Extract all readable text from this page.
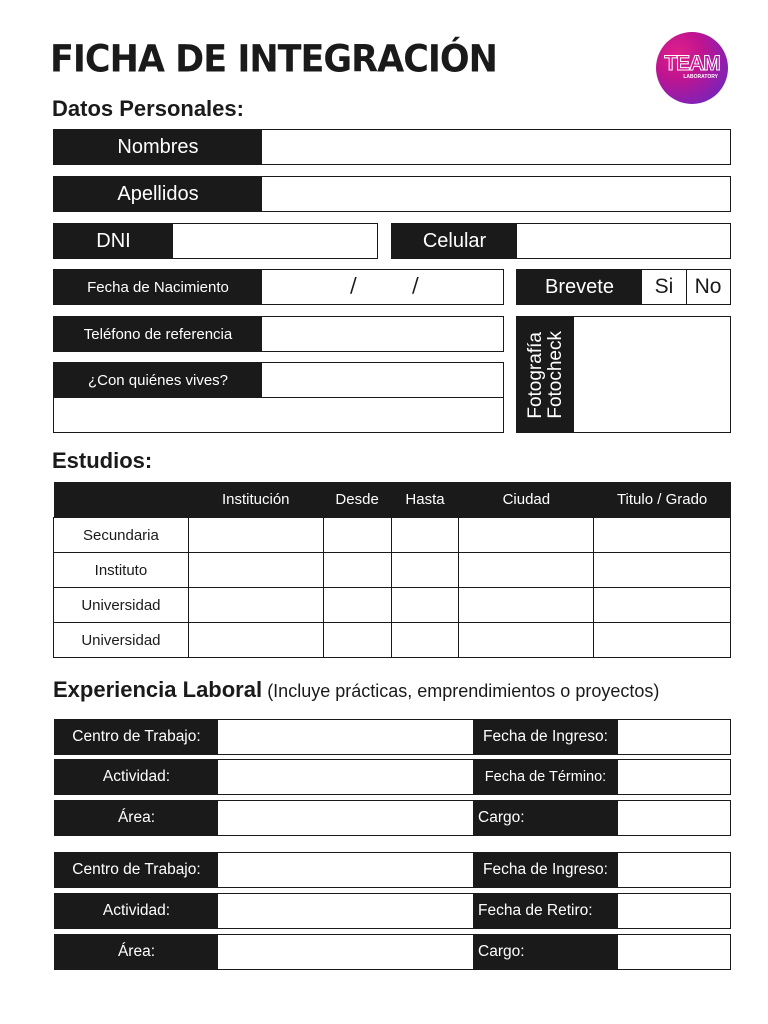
FICHA DE INTEGRACIÓN	TEAM
LABORATORY
Datos Personales:
Nombres
Apellidos
DNI	Celular
Fecha de Nacimiento	/	/	Brevete	Si	No
Teléfono de referencia
¿Con quiénes vives?	Fotografía
Fotocheck
Estudios:
	Institución	Desde	Hasta	Ciudad	Titulo / Grado
Secundaria					
Instituto					
Universidad					
Universidad					
Experiencia Laboral (Incluye prácticas, emprendimientos o proyectos)
Centro de Trabajo:	Fecha de Ingreso:
Actividad:	Fecha de Término:
Área:	Cargo:
Centro de Trabajo:	Fecha de Ingreso:
Actividad:	Fecha de Retiro:
Área:	Cargo:
